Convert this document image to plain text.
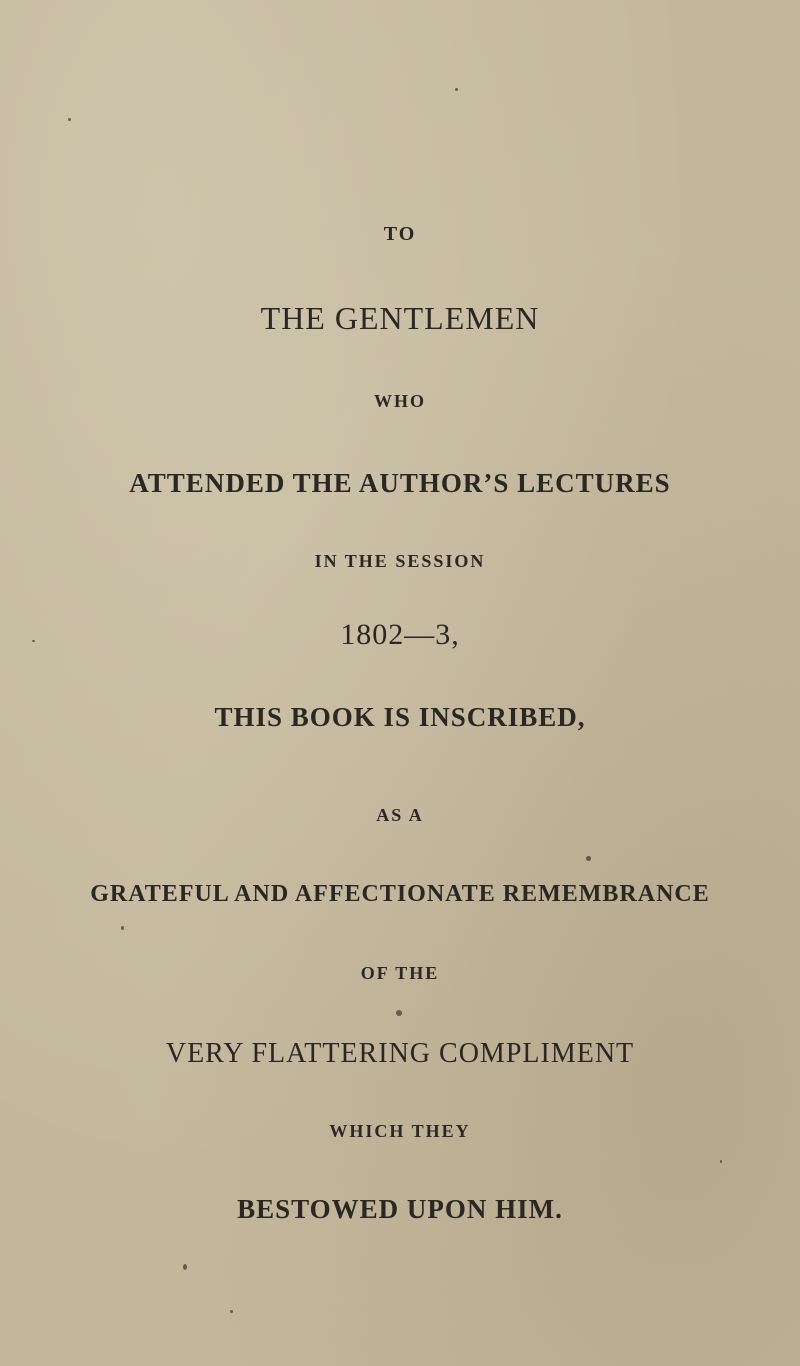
TO
THE GENTLEMEN
WHO
ATTENDED THE AUTHOR’S LECTURES
IN THE SESSION
1802—3,
THIS BOOK IS INSCRIBED,
AS A
GRATEFUL AND AFFECTIONATE REMEMBRANCE
OF THE
VERY FLATTERING COMPLIMENT
WHICH THEY
BESTOWED UPON HIM.
